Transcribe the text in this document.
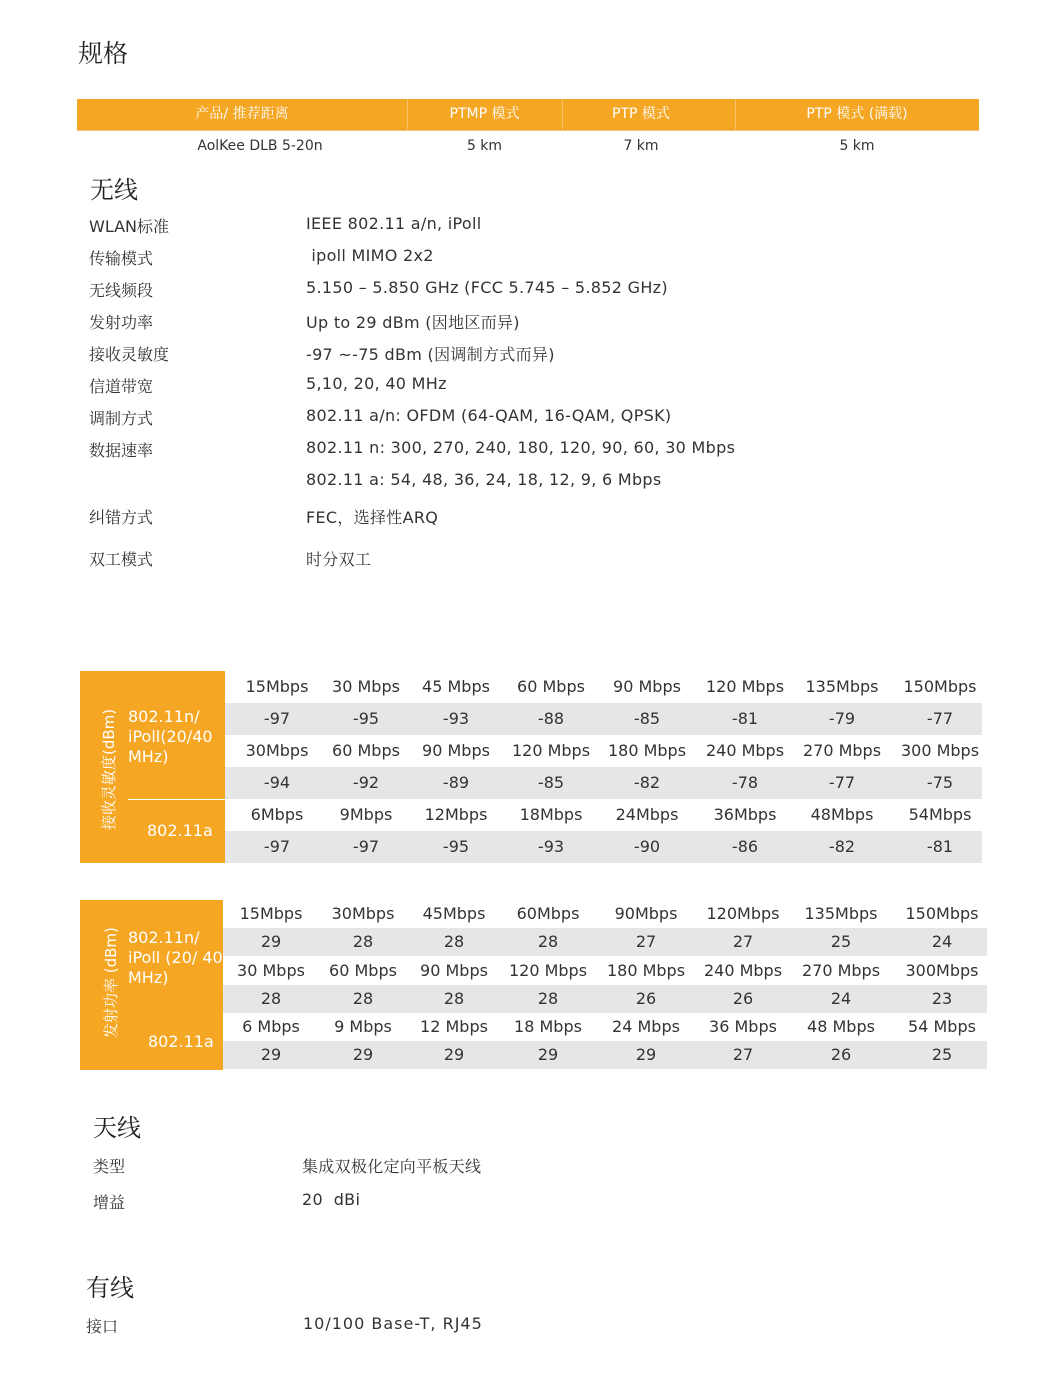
规格
产品/ 推荐距离	PTMP 模式	PTP 模式	PTP 模式 (满载)
AolKee DLB 5-20n	5 km	7 km	5 km
无线
WLAN标准	IEEE 802.11 a/n, iPoll
传输模式	ipoll MIMO 2x2
无线频段	5.150 – 5.850 GHz (FCC 5.745 – 5.852 GHz)
发射功率	Up to 29 dBm (因地区而异)
接收灵敏度	-97 ~-75 dBm (因调制方式而异)
信道带宽	5,10, 20, 40 MHz
调制方式	802.11 a/n: OFDM (64-QAM, 16-QAM, QPSK)
数据速率	802.11 n: 300, 270, 240, 180, 120, 90, 60, 30 Mbps
802.11 a: 54, 48, 36, 24, 18, 12, 9, 6 Mbps
纠错方式	FEC，选择性ARQ
双工模式	时分双工
接收灵敏度(dBm) 802.11n/
iPoll(20/40
MHz)
802.11a
15Mbps	30 Mbps	45 Mbps	60 Mbps	90 Mbps	120 Mbps	135Mbps	150Mbps
-97	-95	-93	-88	-85	-81	-79	-77
30Mbps	60 Mbps	90 Mbps	120 Mbps	180 Mbps	240 Mbps	270 Mbps	300 Mbps
-94	-92	-89	-85	-82	-78	-77	-75
6Mbps	9Mbps	12Mbps	18Mbps	24Mbps	36Mbps	48Mbps	54Mbps
-97	-97	-95	-93	-90	-86	-82	-81
发射功率 (dBm) 802.11n/
iPoll (20/ 40
MHz)
802.11a
15Mbps	30Mbps	45Mbps	60Mbps	90Mbps	120Mbps	135Mbps	150Mbps
29	28	28	28	27	27	25	24
30 Mbps	60 Mbps	90 Mbps	120 Mbps	180 Mbps	240 Mbps	270 Mbps	300Mbps
28	28	28	28	26	26	24	23
6 Mbps	9 Mbps	12 Mbps	18 Mbps	24 Mbps	36 Mbps	48 Mbps	54 Mbps
29	29	29	29	29	27	26	25
天线
类型	集成双极化定向平板天线
增益	20  dBi
有线
接口	10/100 Base-T, RJ45
